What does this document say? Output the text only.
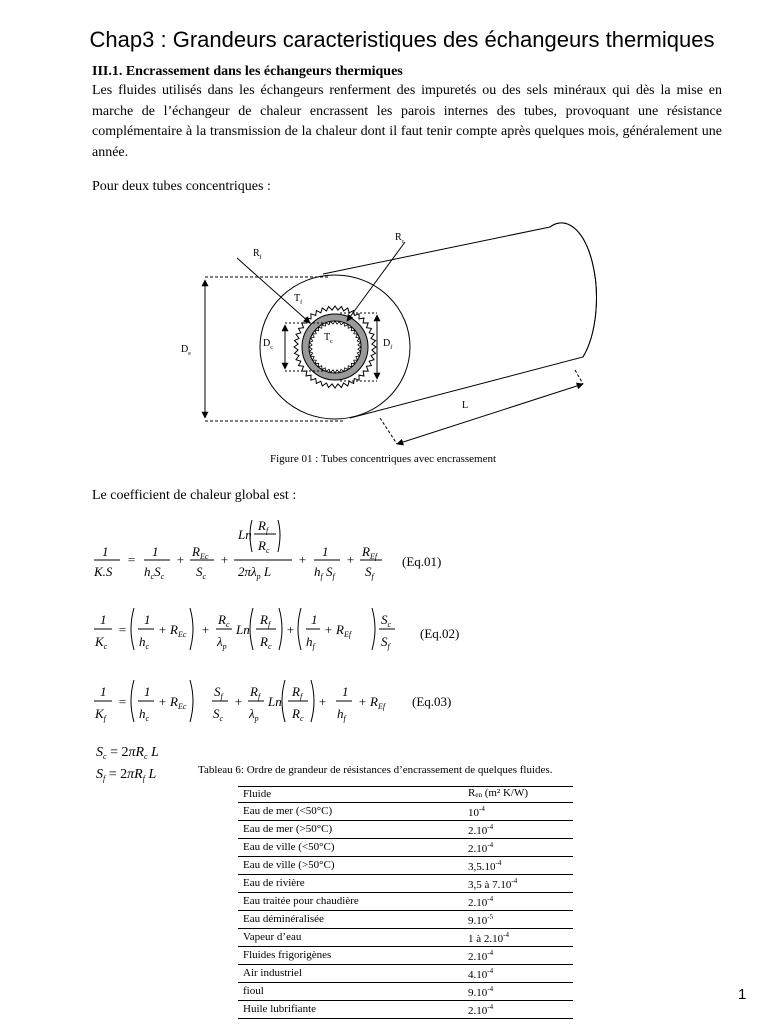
Chap3 : Grandeurs caracteristiques des échangeurs thermiques
III.1. Encrassement dans les échangeurs thermiques
Les fluides utilisés dans les échangeurs renferment des impuretés ou des sels minéraux qui dès la mise en marche de l’échangeur de chaleur encrassent les parois internes des tubes, provoquant une résistance complémentaire à la transmission de la chaleur dont il faut tenir compte après quelques mois, généralement une année.
Pour deux tubes concentriques :
$R_f$
$R_c$
$T_f$
$T_c$
$D_e$
$D_c$	$D_f$
L
Figure 01 : Tubes concentriques avec encrassement
Le coefficient de chaleur global est :
1
K.S
=
1
$h_cS_c$
+
$R_{Ec}$
$S_c$
+
Ln
$R_f$
$R_c$
$2\pi\lambda_p$ L
+
1
$h_f$ $S_f$
+
$R_{Ef}$
$S_f$
(Eq.01)
1
$K_c$
=
1
$h_c$
+ $R_{Ec}$ +
$R_c$
$\lambda_p$
Ln
$R_f$
$R_c$
+
1
$h_f$
+ $R_{Ef}$
$S_c$
$S_f$
(Eq.02)
1
$K_f$
=
1
$h_c$
+ $R_{Ec}$
$S_f$
$S_c$
+
$R_f$
$\lambda_p$
Ln
$R_f$
$R_c$
+
1
$h_f$
+ $R_{Ef}$ (Eq.03)
$S_c = 2\pi R_c$ L
$S_f = 2\pi R_f$ L	Tableau 6: Ordre de grandeur de résistances d’encrassement de quelques fluides.
Fluide	$R_{en}$ (m² K/W)
Eau de mer (<50°C)	$10^{-4}$
Eau de mer (>50°C)	$2.10^{-4}$
Eau de ville (<50°C)	$2.10^{-4}$
Eau de ville (>50°C)	$3,5.10^{-4}$
Eau de rivière	3,5 à $7.10^{-4}$
Eau traitée pour chaudière	$2.10^{-4}$
Eau déminéralisée	$9.10^{-5}$
Vapeur d’eau	1 à $2.10^{-4}$
Fluides frigorigènes	$2.10^{-4}$
Air industriel	$4.10^{-4}$
fioul	$9.10^{-4}$
Huile lubrifiante	$2.10^{-4}$
1
